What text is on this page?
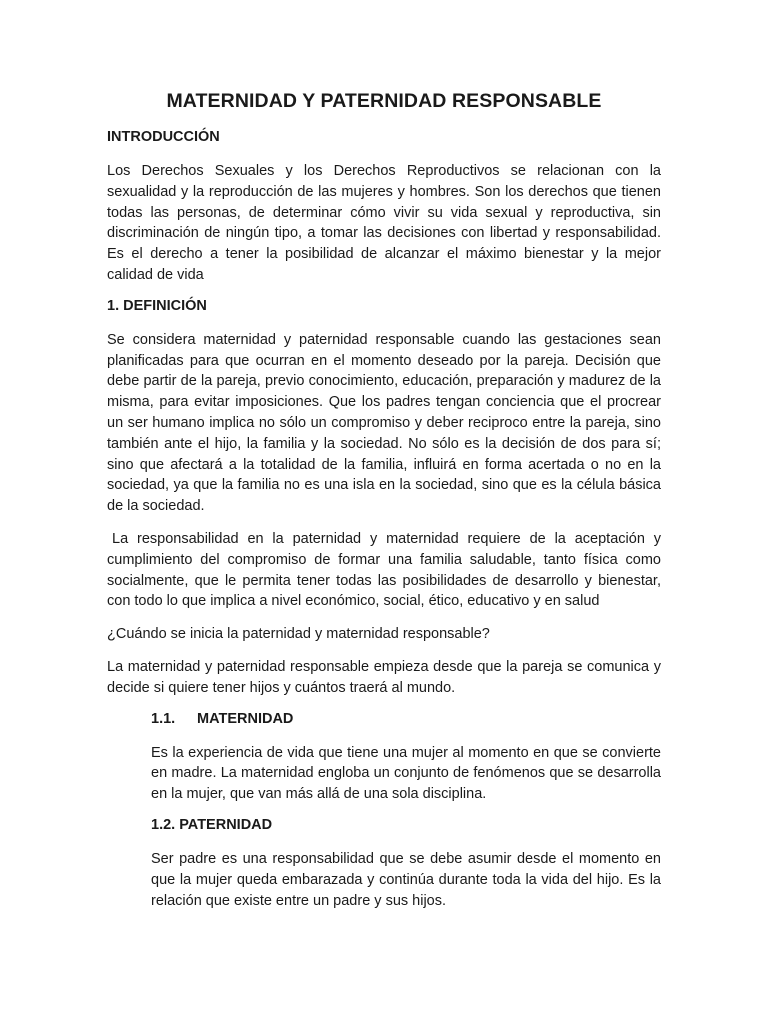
MATERNIDAD Y PATERNIDAD RESPONSABLE
INTRODUCCIÓN

Los Derechos Sexuales y los Derechos Reproductivos se relacionan con la sexualidad y la reproducción de las mujeres y hombres. Son los derechos que tienen todas las personas, de determinar cómo vivir su vida sexual y reproductiva, sin discriminación de ningún tipo, a tomar las decisiones con libertad y responsabilidad. Es el derecho a tener la posibilidad de alcanzar el máximo bienestar y la mejor calidad de vida

1. DEFINICIÓN

Se considera maternidad y paternidad responsable cuando las gestaciones sean planificadas para que ocurran en el momento deseado por la pareja. Decisión que debe partir de la pareja, previo conocimiento, educación, preparación y madurez de la misma, para evitar imposiciones. Que los padres tengan conciencia que el procrear un ser humano implica no sólo un compromiso y deber reciproco entre la pareja, sino también ante el hijo, la familia y la sociedad. No sólo es la decisión de dos para sí; sino que afectará a la totalidad de la familia, influirá en forma acertada o no en la sociedad, ya que la familia no es una isla en la sociedad, sino que es la célula básica de la sociedad.

La responsabilidad en la paternidad y maternidad requiere de la aceptación y cumplimiento del compromiso de formar una familia saludable, tanto física como socialmente, que le permita tener todas las posibilidades de desarrollo y bienestar, con todo lo que implica a nivel económico, social, ético, educativo y en salud

¿Cuándo se inicia la paternidad y maternidad responsable?

La maternidad y paternidad responsable empieza desde que la pareja se comunica y decide si quiere tener hijos y cuántos traerá al mundo.

1.1. MATERNIDAD

Es la experiencia de vida que tiene una mujer al momento en que se convierte en madre. La maternidad engloba un conjunto de fenómenos que se desarrolla en la mujer, que van más allá de una sola disciplina.

1.2. PATERNIDAD

Ser padre es una responsabilidad que se debe asumir desde el momento en que la mujer queda embarazada y continúa durante toda la vida del hijo. Es la relación que existe entre un padre y sus hijos.
